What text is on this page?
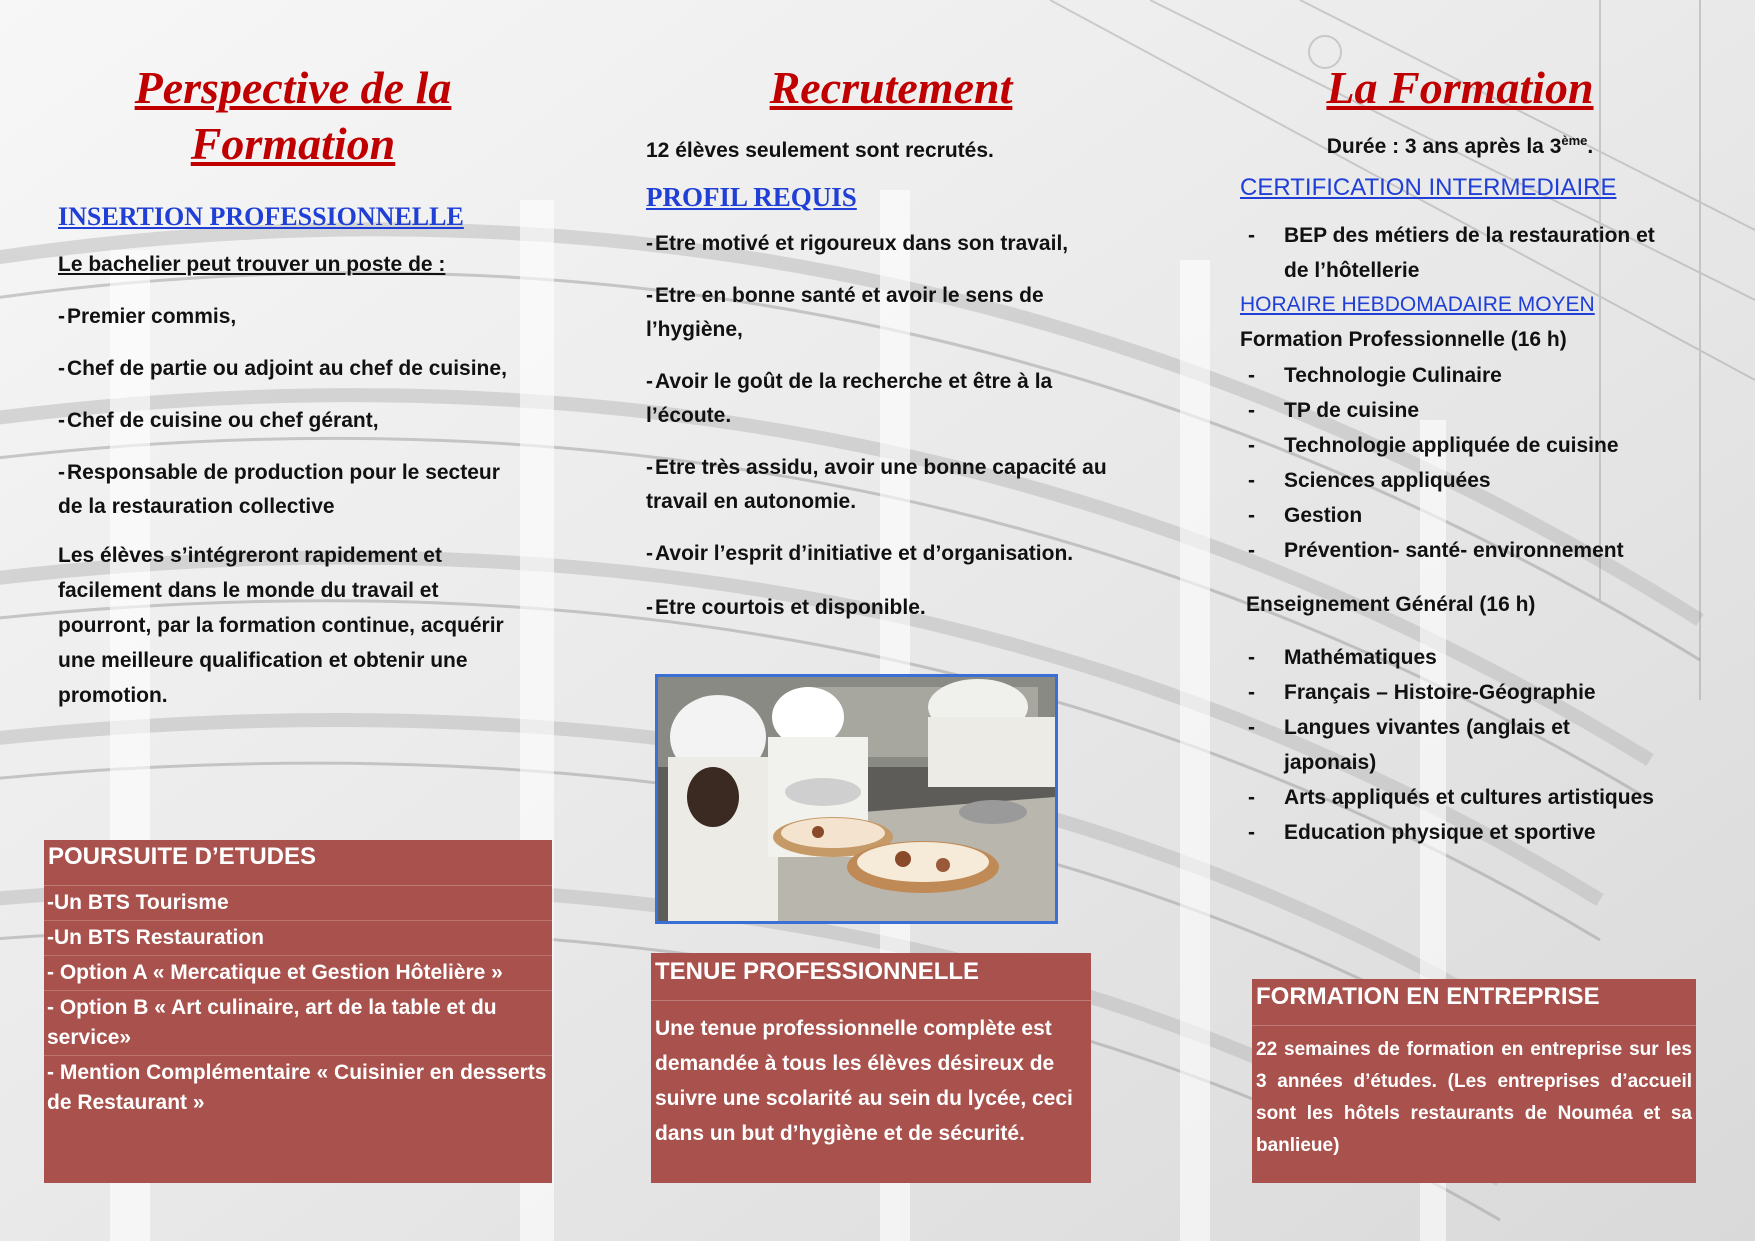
Perspective de la Formation
INSERTION PROFESSIONNELLE
Le bachelier peut trouver un poste de :
-Premier commis,
-Chef de partie ou adjoint au chef de cuisine,
-Chef de cuisine ou chef gérant,
-Responsable de production pour le secteur de la restauration collective
Les élèves s’intégreront rapidement et facilement dans le monde du travail et pourront, par la formation continue, acquérir une meilleure qualification et obtenir une promotion.
POURSUITE D’ETUDES
-Un BTS Tourisme
-Un BTS Restauration
- Option A « Mercatique et Gestion Hôtelière »
- Option B « Art culinaire, art de la table et du service»
- Mention Complémentaire « Cuisinier en desserts de Restaurant »
Recrutement
12 élèves seulement sont recrutés.
PROFIL REQUIS
-Etre motivé et rigoureux dans son travail,
-Etre en bonne santé et avoir le sens de l’hygiène,
-Avoir le goût de la recherche et être à la l’écoute.
-Etre très assidu, avoir une bonne capacité au travail en autonomie.
-Avoir l’esprit d’initiative et d’organisation.
-Etre courtois et disponible.
TENUE PROFESSIONNELLE
Une tenue professionnelle complète est demandée à tous les élèves désireux de suivre une scolarité au sein du lycée, ceci dans un but d’hygiène et de sécurité.
La Formation
Durée : 3 ans après la 3ème.
CERTIFICATION INTERMEDIAIRE
-	BEP des métiers de la restauration et de l’hôtellerie
HORAIRE HEBDOMADAIRE MOYEN
Formation Professionnelle (16 h)
-	Technologie Culinaire
-	TP de cuisine
-	Technologie appliquée de cuisine
-	Sciences appliquées
-	Gestion
-	Prévention- santé- environnement
Enseignement Général (16 h)
-	Mathématiques
-	Français – Histoire-Géographie
-	Langues vivantes (anglais et japonais)
-	Arts appliqués et cultures artistiques
-	Education physique et sportive
FORMATION EN ENTREPRISE
22 semaines de formation en entreprise sur les 3 années d’études. (Les entreprises d’accueil sont les hôtels restaurants de Nouméa et sa banlieue)
